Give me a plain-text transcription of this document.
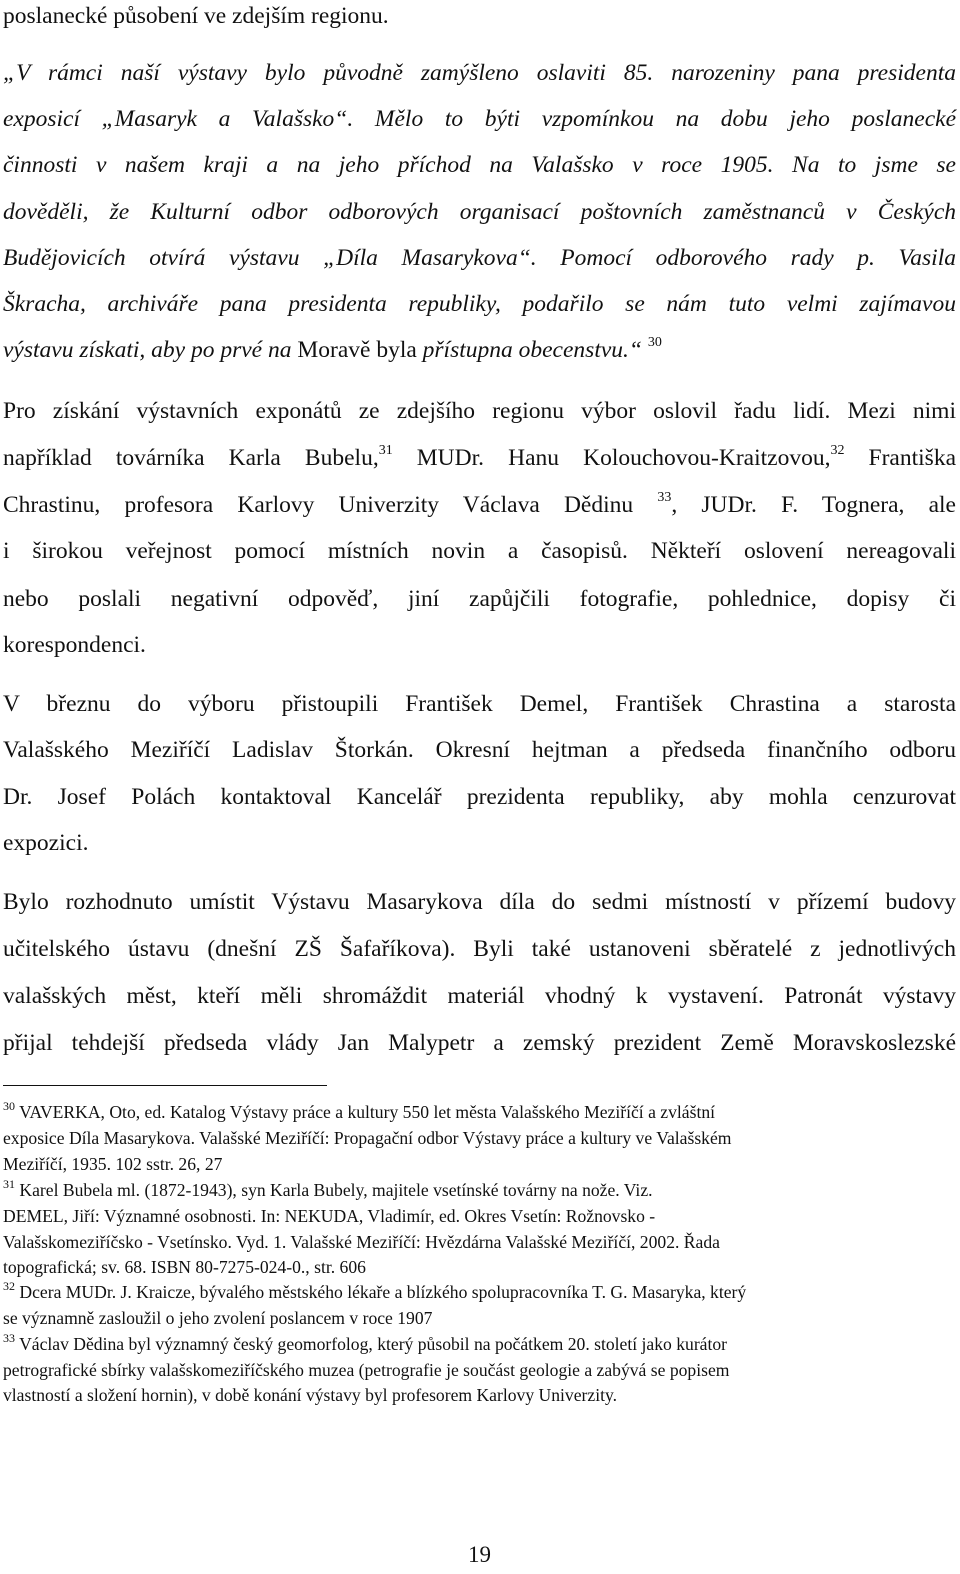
poslanecké působení ve zdejším regionu.
„V rámci naší výstavy bylo původně zamýšleno oslaviti 85. narozeniny pana presidenta
exposicí „Masaryk a Valašsko“. Mělo to býti vzpomínkou na dobu jeho poslanecké
činnosti v našem kraji a na jeho příchod na Valašsko v roce 1905. Na to jsme se
dověděli, že Kulturní odbor odborových organisací poštovních zaměstnanců v Českých
Budějovicích otvírá výstavu „Díla Masarykova“. Pomocí odborového rady p. Vasila
Škracha, archiváře pana presidenta republiky, podařilo se nám tuto velmi zajímavou
výstavu získati, aby po prvé na Moravě byla přístupna obecenstvu.“ $^{30}$
Pro získání výstavních exponátů ze zdejšího regionu výbor oslovil řadu lidí. Mezi nimi
například továrníka Karla Bubelu,$^{31}$ MUDr. Hanu Kolouchovou-Kraitzovou,$^{32}$ Františka
Chrastinu, profesora Karlovy Univerzity Václava Dědinu $^{33}$, JUDr. F. Tognera, ale
i širokou veřejnost pomocí místních novin a časopisů. Někteří oslovení nereagovali
nebo poslali negativní odpověď, jiní zapůjčili fotografie, pohlednice, dopisy či
korespondenci.
V březnu do výboru přistoupili František Demel, František Chrastina a starosta
Valašského Meziříčí Ladislav Štorkán. Okresní hejtman a předseda finančního odboru
Dr. Josef Polách kontaktoval Kancelář prezidenta republiky, aby mohla cenzurovat
expozici.
Bylo rozhodnuto umístit Výstavu Masarykova díla do sedmi místností v přízemí budovy
učitelského ústavu (dnešní ZŠ Šafaříkova). Byli také ustanoveni sběratelé z jednotlivých
valašských měst, kteří měli shromáždit materiál vhodný k vystavení. Patronát výstavy
přijal tehdejší předseda vlády Jan Malypetr a zemský prezident Země Moravskoslezské
$^{30}$ VAVERKA, Oto, ed. Katalog Výstavy práce a kultury 550 let města Valašského Meziříčí a zvláštní
exposice Díla Masarykova. Valašské Meziříčí: Propagační odbor Výstavy práce a kultury ve Valašském
Meziříčí, 1935. 102 sstr. 26, 27
$^{31}$ Karel Bubela ml. (1872-1943), syn Karla Bubely, majitele vsetínské továrny na nože. Viz.
DEMEL, Jiří: Významné osobnosti. In: NEKUDA, Vladimír, ed. Okres Vsetín: Rožnovsko -
Valašskomeziříčsko - Vsetínsko. Vyd. 1. Valašské Meziříčí: Hvězdárna Valašské Meziříčí, 2002. Řada
topografická; sv. 68. ISBN 80-7275-024-0., str. 606
$^{32}$ Dcera MUDr. J. Kraicze, bývalého městského lékaře a blízkého spolupracovníka T. G. Masaryka, který
se významně zasloužil o jeho zvolení poslancem v roce 1907
$^{33}$ Václav Dědina byl významný český geomorfolog, který působil na počátkem 20. století jako kurátor
petrografické sbírky valašskomeziříčského muzea (petrografie je součást geologie a zabývá se popisem
vlastností a složení hornin), v době konání výstavy byl profesorem Karlovy Univerzity.
19
